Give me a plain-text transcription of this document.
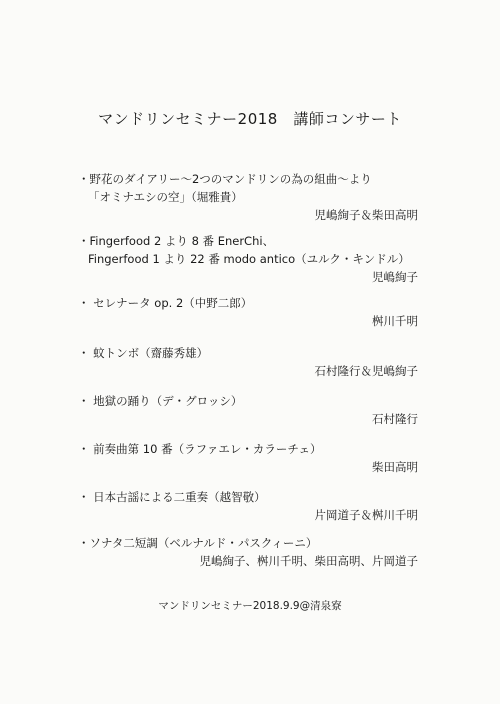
マンドリンセミナー2018　講師コンサート
・野花のダイアリー〜2つのマンドリンの為の組曲〜より
「オミナエシの空」（堀雅貴）
児嶋絢子＆柴田高明
・Fingerfood 2 より 8 番 EnerChi、
Fingerfood 1 より 22 番 modo antico（ユルク・キンドル）
児嶋絢子
・ セレナータ op. 2（中野二郎）
桝川千明
・ 蚊トンボ（齋藤秀雄）
石村隆行＆児嶋絢子
・ 地獄の踊り（デ・グロッシ）
石村隆行
・ 前奏曲第 10 番（ラファエレ・カラーチェ）
柴田高明
・ 日本古謡による二重奏（越智敬）
片岡道子＆桝川千明
・ソナタ二短調（ベルナルド・パスクィーニ）
児嶋絢子、桝川千明、柴田高明、片岡道子
マンドリンセミナー2018.9.9@清泉寮
